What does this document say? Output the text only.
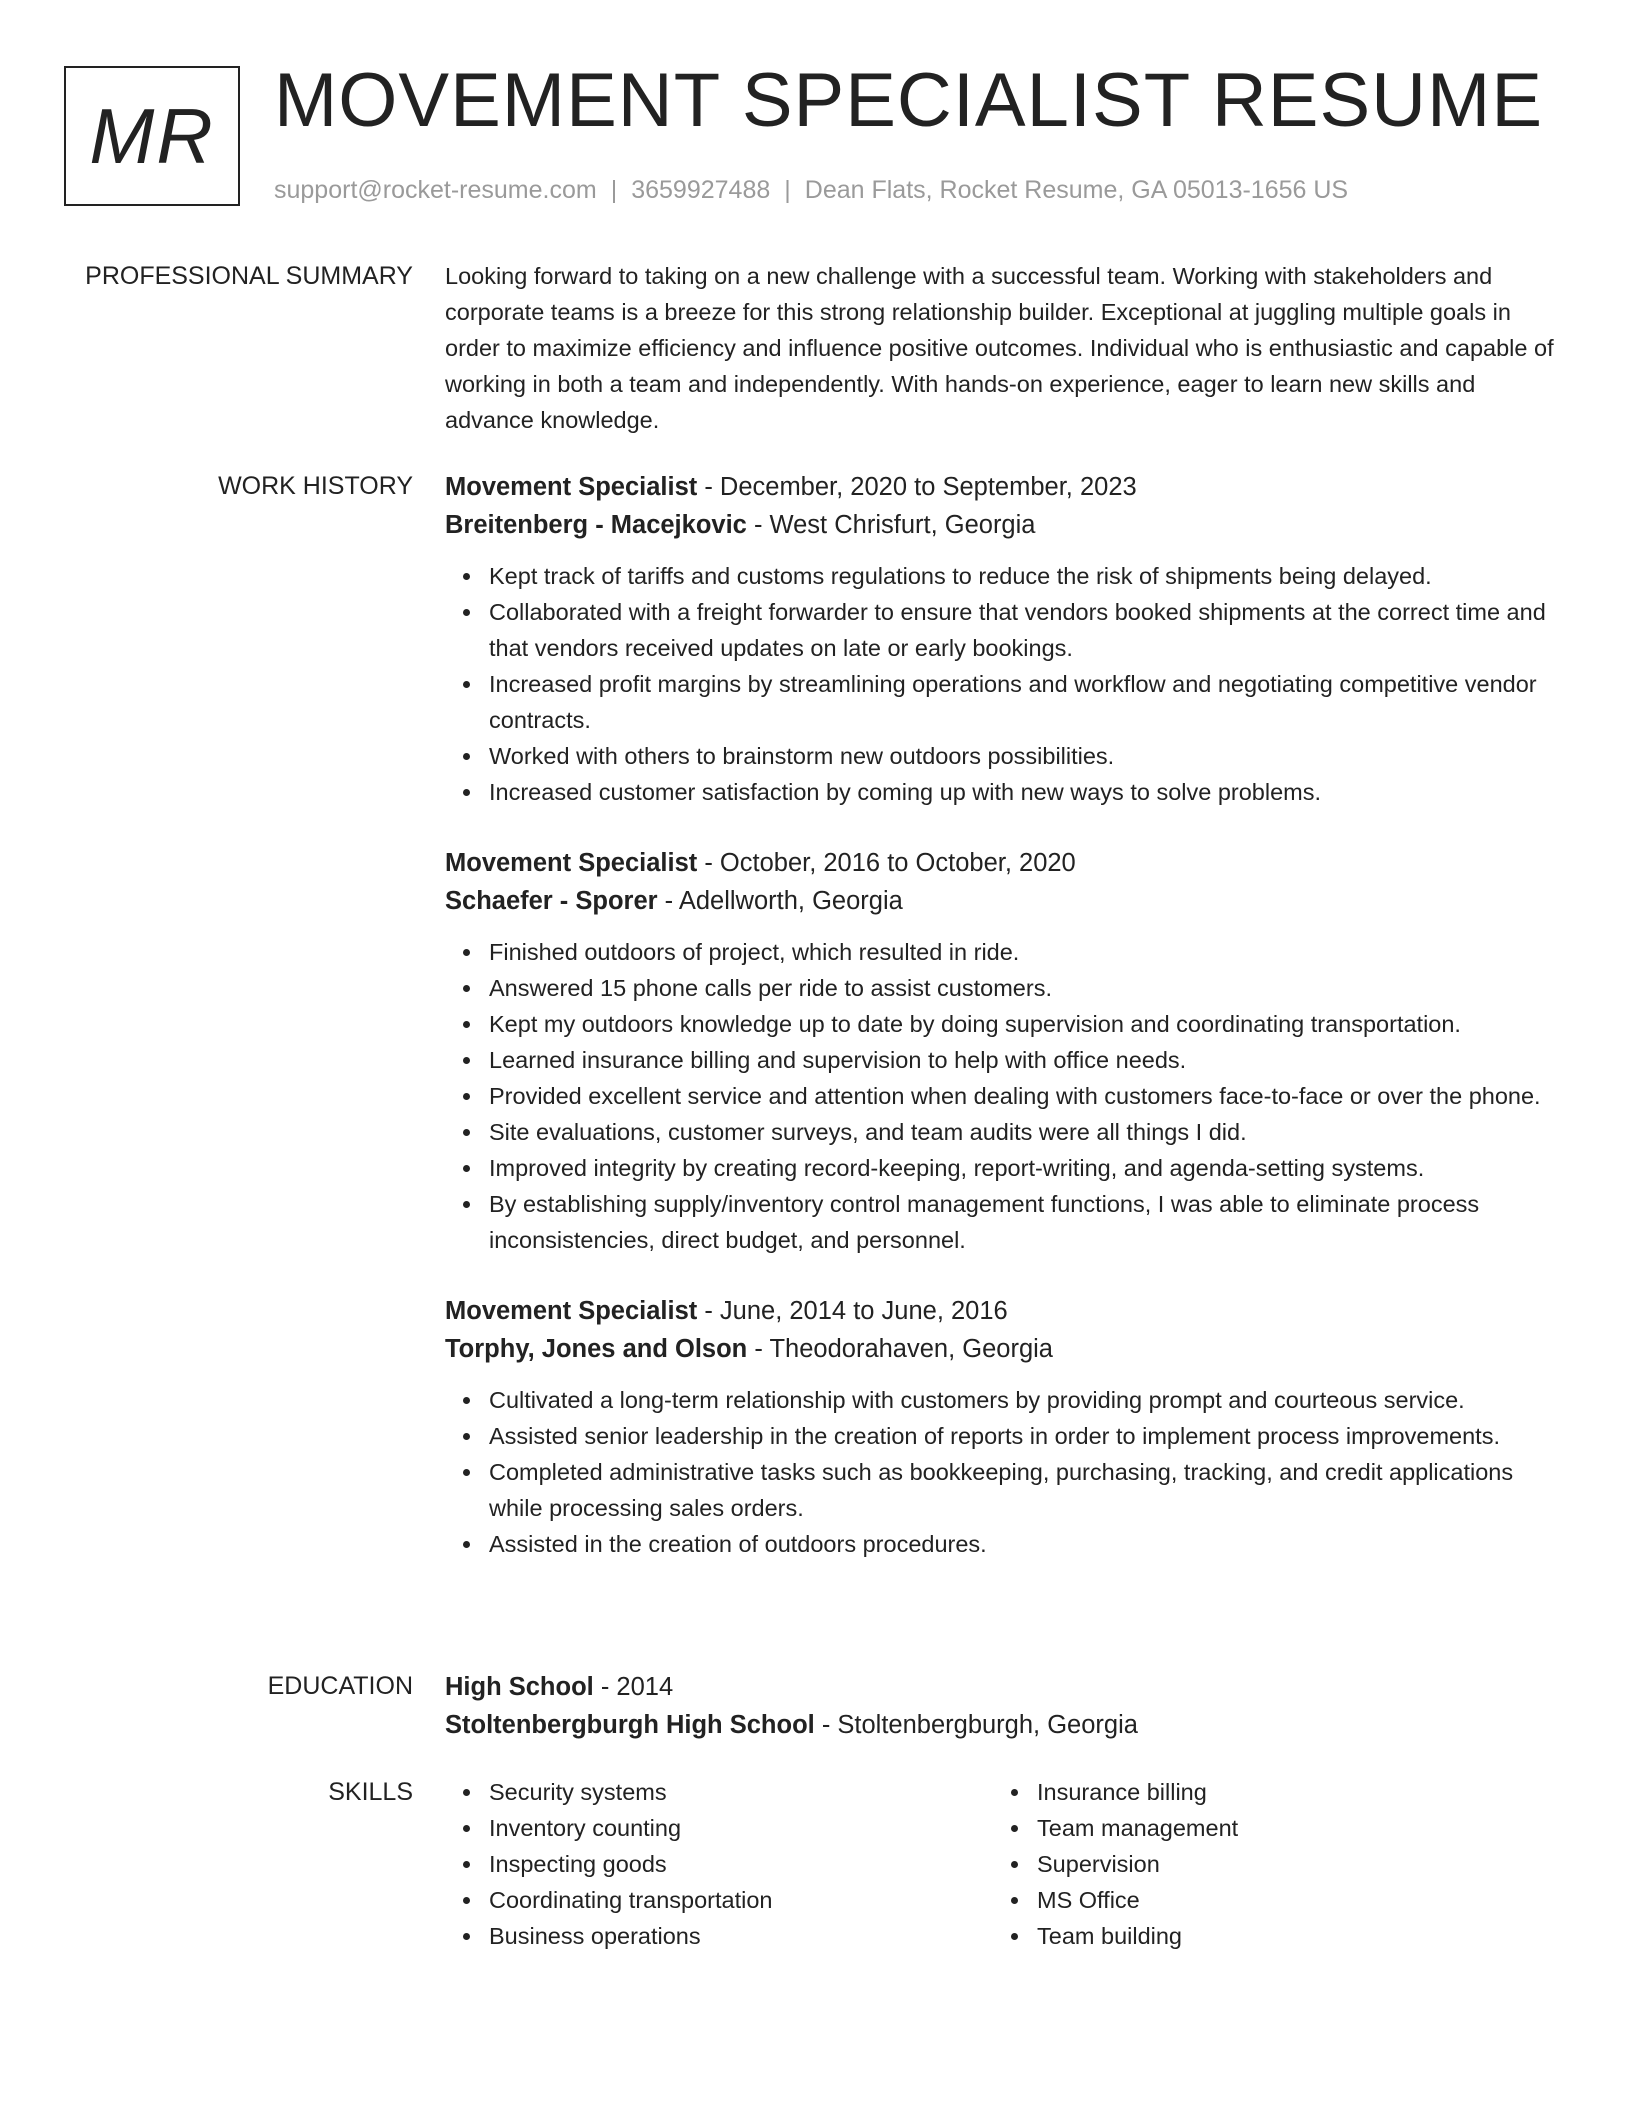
MR MOVEMENT SPECIALIST RESUME
support@rocket-resume.com | 3659927488 | Dean Flats, Rocket Resume, GA 05013-1656 US
PROFESSIONAL SUMMARY Looking forward to taking on a new challenge with a successful team. Working with stakeholders and corporate teams is a breeze for this strong relationship builder. Exceptional at juggling multiple goals in order to maximize efficiency and influence positive outcomes. Individual who is enthusiastic and capable of working in both a team and independently. With hands-on experience, eager to learn new skills and advance knowledge.
WORK HISTORY Movement Specialist - December, 2020 to September, 2023
Breitenberg - Macejkovic - West Chrisfurt, Georgia
Kept track of tariffs and customs regulations to reduce the risk of shipments being delayed.
Collaborated with a freight forwarder to ensure that vendors booked shipments at the correct time and that vendors received updates on late or early bookings.
Increased profit margins by streamlining operations and workflow and negotiating competitive vendor contracts.
Worked with others to brainstorm new outdoors possibilities.
Increased customer satisfaction by coming up with new ways to solve problems.
Movement Specialist - October, 2016 to October, 2020
Schaefer - Sporer - Adellworth, Georgia
Finished outdoors of project, which resulted in ride.
Answered 15 phone calls per ride to assist customers.
Kept my outdoors knowledge up to date by doing supervision and coordinating transportation.
Learned insurance billing and supervision to help with office needs.
Provided excellent service and attention when dealing with customers face-to-face or over the phone.
Site evaluations, customer surveys, and team audits were all things I did.
Improved integrity by creating record-keeping, report-writing, and agenda-setting systems.
By establishing supply/inventory control management functions, I was able to eliminate process inconsistencies, direct budget, and personnel.
Movement Specialist - June, 2014 to June, 2016
Torphy, Jones and Olson - Theodorahaven, Georgia
Cultivated a long-term relationship with customers by providing prompt and courteous service.
Assisted senior leadership in the creation of reports in order to implement process improvements.
Completed administrative tasks such as bookkeeping, purchasing, tracking, and credit applications while processing sales orders.
Assisted in the creation of outdoors procedures.
EDUCATION High School - 2014
Stoltenbergburgh High School - Stoltenbergburgh, Georgia
SKILLS	Security systems
Inventory counting
Inspecting goods
Coordinating transportation
Business operations
Insurance billing
Team management
Supervision
MS Office
Team building
